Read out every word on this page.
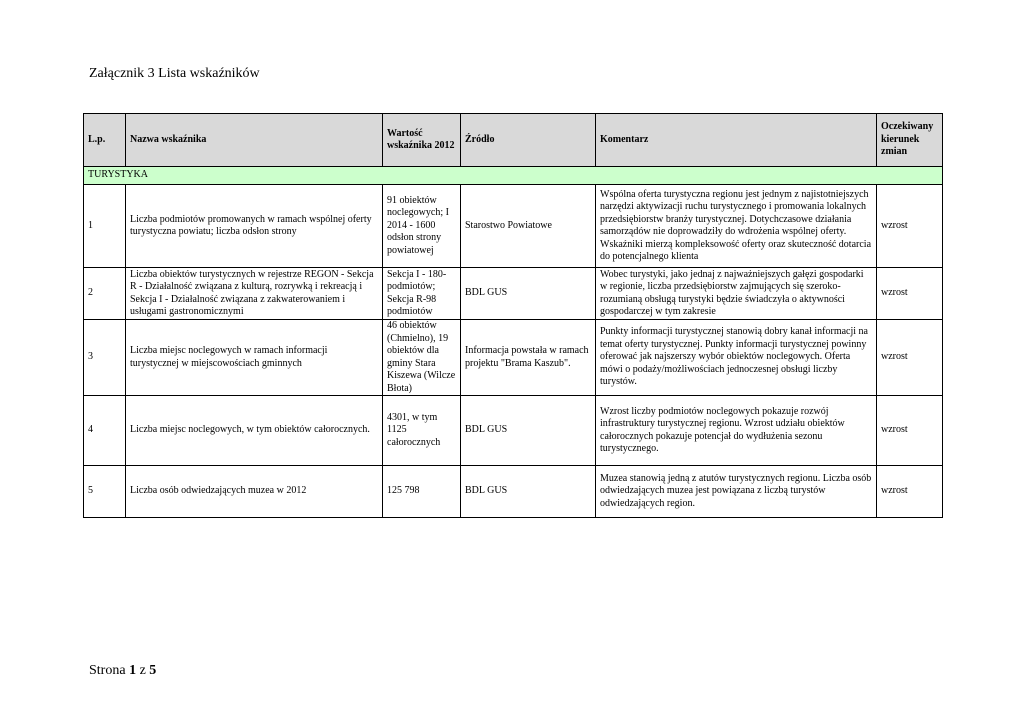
Załącznik 3 Lista wskaźników
L.p.	Nazwa wskaźnika	Wartość wskaźnika 2012	Źródło	Komentarz	Oczekiwany kierunek zmian
TURYSTYKA					
1	Liczba podmiotów promowanych w ramach wspólnej oferty turystyczna powiatu; liczba odsłon strony	91 obiektów noclegowych; I 2014 - 1600 odsłon strony powiatowej	Starostwo Powiatowe	Wspólna oferta turystyczna regionu jest jednym z najistotniejszych narzędzi aktywizacji ruchu turystycznego i promowania lokalnych przedsiębiorstw branży turystycznej. Dotychczasowe działania samorządów nie doprowadziły do wdrożenia wspólnej oferty. Wskaźniki mierzą kompleksowość oferty oraz skuteczność dotarcia do potencjalnego klienta	wzrost
2	Liczba obiektów turystycznych w rejestrze REGON - Sekcja R - Działalność związana z kulturą, rozrywką i rekreacją i Sekcja I - Działalność związana z zakwaterowaniem i usługami gastronomicznymi	Sekcja I - 180- podmiotów; Sekcja R-98 podmiotów	BDL GUS	Wobec turystyki, jako jednaj z najważniejszych gałęzi gospodarki w regionie, liczba przedsiębiorstw zajmujących się szeroko-rozumianą obsługą turystyki będzie świadczyła o aktywności gospodarczej w tym zakresie	wzrost
3	Liczba miejsc noclegowych w ramach informacji turystycznej w miejscowościach gminnych	46 obiektów (Chmielno), 19 obiektów dla gminy Stara Kiszewa (Wilcze Błota)	Informacja powstała w ramach projektu "Brama Kaszub".	Punkty informacji turystycznej stanowią dobry kanał informacji na temat oferty turystycznej. Punkty informacji turystycznej powinny oferować jak najszerszy wybór obiektów noclegowych. Oferta mówi o podaży/możliwościach jednoczesnej obsługi liczby turystów.	wzrost
4	Liczba miejsc noclegowych, w tym obiektów całorocznych.	4301, w tym 1125 całorocznych	BDL GUS	Wzrost liczby podmiotów noclegowych pokazuje rozwój infrastruktury turystycznej regionu. Wzrost udziału obiektów całorocznych pokazuje potencjał do wydłużenia sezonu turystycznego.	wzrost
5	Liczba osób odwiedzających muzea w 2012	125 798	BDL GUS	Muzea stanowią jedną z atutów turystycznych regionu. Liczba osób odwiedzających muzea jest powiązana z liczbą turystów odwiedzających region.	wzrost
Strona 1 z 5
